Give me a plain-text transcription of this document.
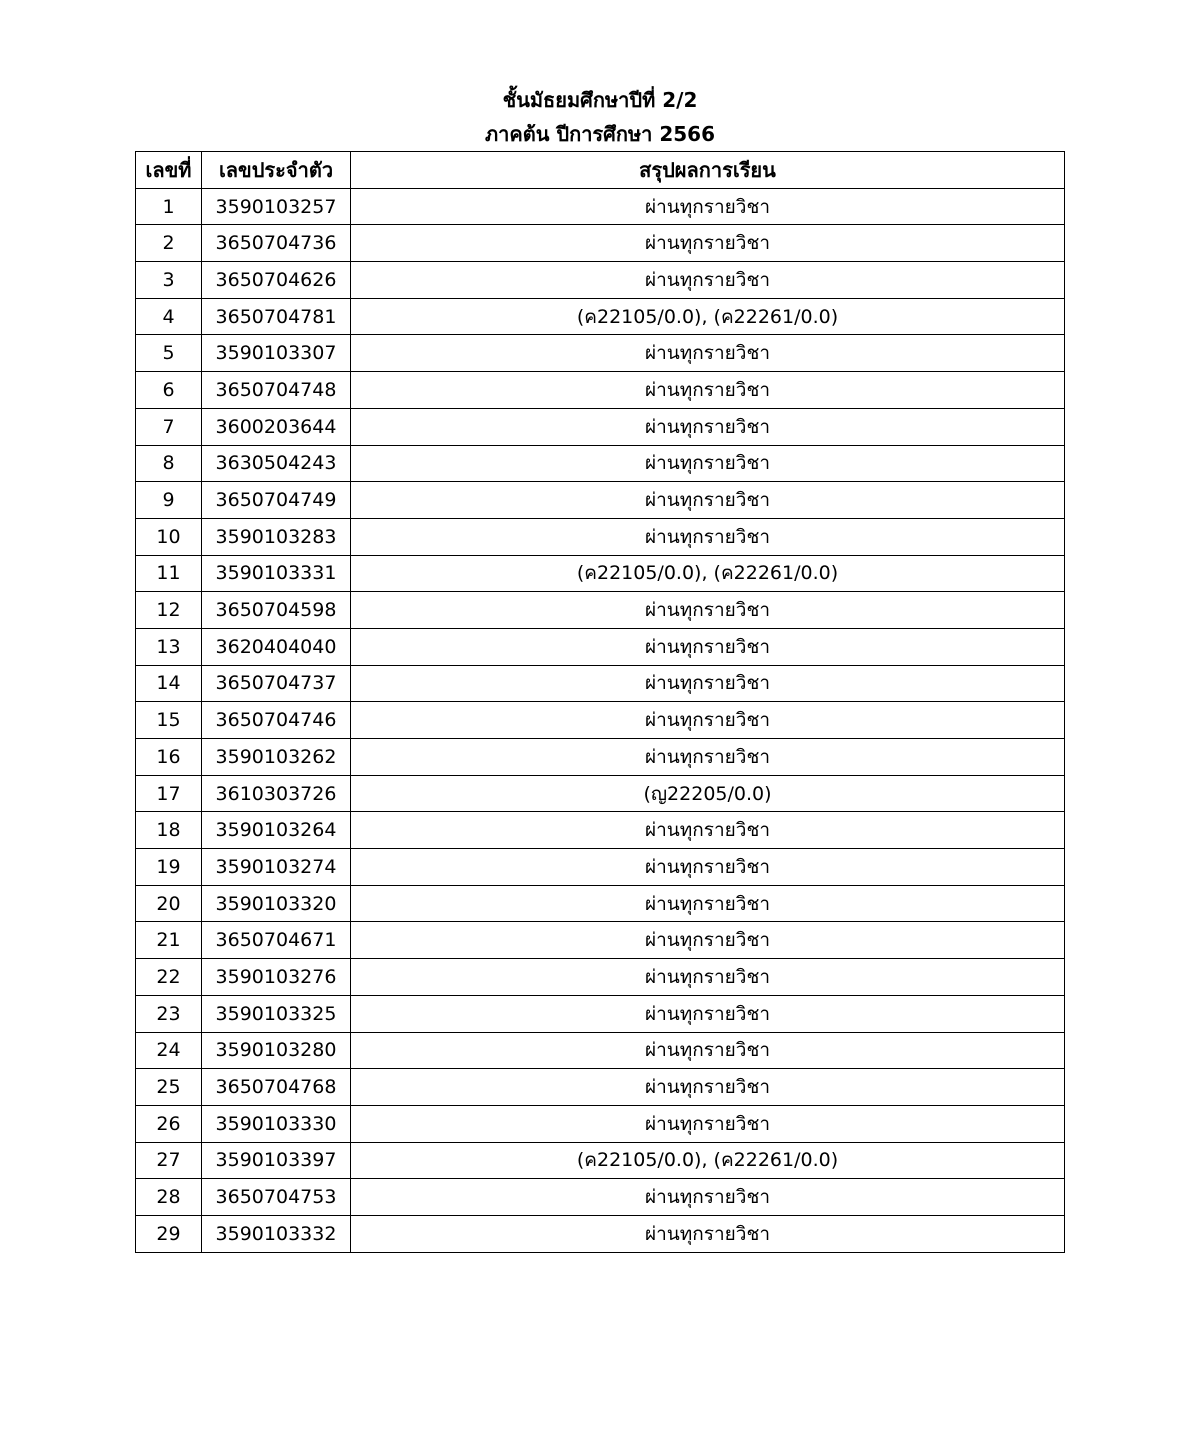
ชั้นมัธยมศึกษาปีที่ 2/2
ภาคต้น ปีการศึกษา 2566
เลขที่	เลขประจำตัว	สรุปผลการเรียน
1	3590103257	ผ่านทุกรายวิชา
2	3650704736	ผ่านทุกรายวิชา
3	3650704626	ผ่านทุกรายวิชา
4	3650704781	(ค22105/0.0), (ค22261/0.0)
5	3590103307	ผ่านทุกรายวิชา
6	3650704748	ผ่านทุกรายวิชา
7	3600203644	ผ่านทุกรายวิชา
8	3630504243	ผ่านทุกรายวิชา
9	3650704749	ผ่านทุกรายวิชา
10	3590103283	ผ่านทุกรายวิชา
11	3590103331	(ค22105/0.0), (ค22261/0.0)
12	3650704598	ผ่านทุกรายวิชา
13	3620404040	ผ่านทุกรายวิชา
14	3650704737	ผ่านทุกรายวิชา
15	3650704746	ผ่านทุกรายวิชา
16	3590103262	ผ่านทุกรายวิชา
17	3610303726	(ญ22205/0.0)
18	3590103264	ผ่านทุกรายวิชา
19	3590103274	ผ่านทุกรายวิชา
20	3590103320	ผ่านทุกรายวิชา
21	3650704671	ผ่านทุกรายวิชา
22	3590103276	ผ่านทุกรายวิชา
23	3590103325	ผ่านทุกรายวิชา
24	3590103280	ผ่านทุกรายวิชา
25	3650704768	ผ่านทุกรายวิชา
26	3590103330	ผ่านทุกรายวิชา
27	3590103397	(ค22105/0.0), (ค22261/0.0)
28	3650704753	ผ่านทุกรายวิชา
29	3590103332	ผ่านทุกรายวิชา
